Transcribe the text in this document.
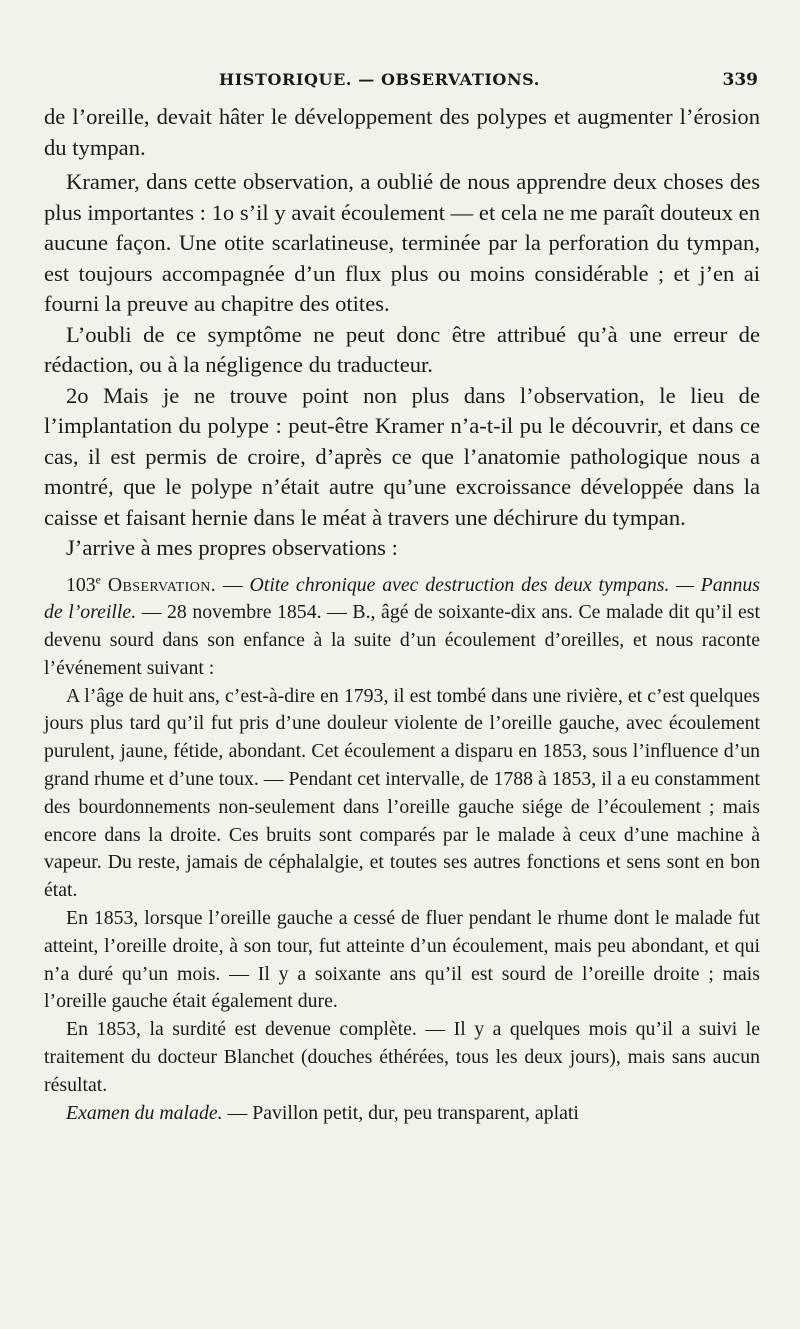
HISTORIQUE. — OBSERVATIONS.	339

de l’oreille, devait hâter le développement des polypes et augmenter l’érosion du tympan.

Kramer, dans cette observation, a oublié de nous apprendre deux choses des plus importantes : 1o s’il y avait écoulement — et cela ne me paraît douteux en aucune façon. Une otite scarlatineuse, terminée par la perforation du tympan, est toujours accompagnée d’un flux plus ou moins considérable ; et j’en ai fourni la preuve au chapitre des otites.

L’oubli de ce symptôme ne peut donc être attribué qu’à une erreur de rédaction, ou à la négligence du traducteur.

2o Mais je ne trouve point non plus dans l’observation, le lieu de l’implantation du polype : peut-être Kramer n’a-t-il pu le découvrir, et dans ce cas, il est permis de croire, d’après ce que l’anatomie pathologique nous a montré, que le polype n’était autre qu’une excroissance développée dans la caisse et faisant hernie dans le méat à travers une déchirure du tympan.

J’arrive à mes propres observations :

103e Observation. — Otite chronique avec destruction des deux tympans. — Pannus de l’oreille. — 28 novembre 1854. — B., âgé de soixante-dix ans. Ce malade dit qu’il est devenu sourd dans son enfance à la suite d’un écoulement d’oreilles, et nous raconte l’événement suivant :

A l’âge de huit ans, c’est-à-dire en 1793, il est tombé dans une rivière, et c’est quelques jours plus tard qu’il fut pris d’une douleur violente de l’oreille gauche, avec écoulement purulent, jaune, fétide, abondant. Cet écoulement a disparu en 1853, sous l’influence d’un grand rhume et d’une toux. — Pendant cet intervalle, de 1788 à 1853, il a eu constamment des bourdonnements non-seulement dans l’oreille gauche siége de l’écoulement ; mais encore dans la droite. Ces bruits sont comparés par le malade à ceux d’une machine à vapeur. Du reste, jamais de céphalalgie, et toutes ses autres fonctions et sens sont en bon état.

En 1853, lorsque l’oreille gauche a cessé de fluer pendant le rhume dont le malade fut atteint, l’oreille droite, à son tour, fut atteinte d’un écoulement, mais peu abondant, et qui n’a duré qu’un mois. — Il y a soixante ans qu’il est sourd de l’oreille droite ; mais l’oreille gauche était également dure.

En 1853, la surdité est devenue complète. — Il y a quelques mois qu’il a suivi le traitement du docteur Blanchet (douches éthérées, tous les deux jours), mais sans aucun résultat.

Examen du malade. — Pavillon petit, dur, peu transparent, aplati
